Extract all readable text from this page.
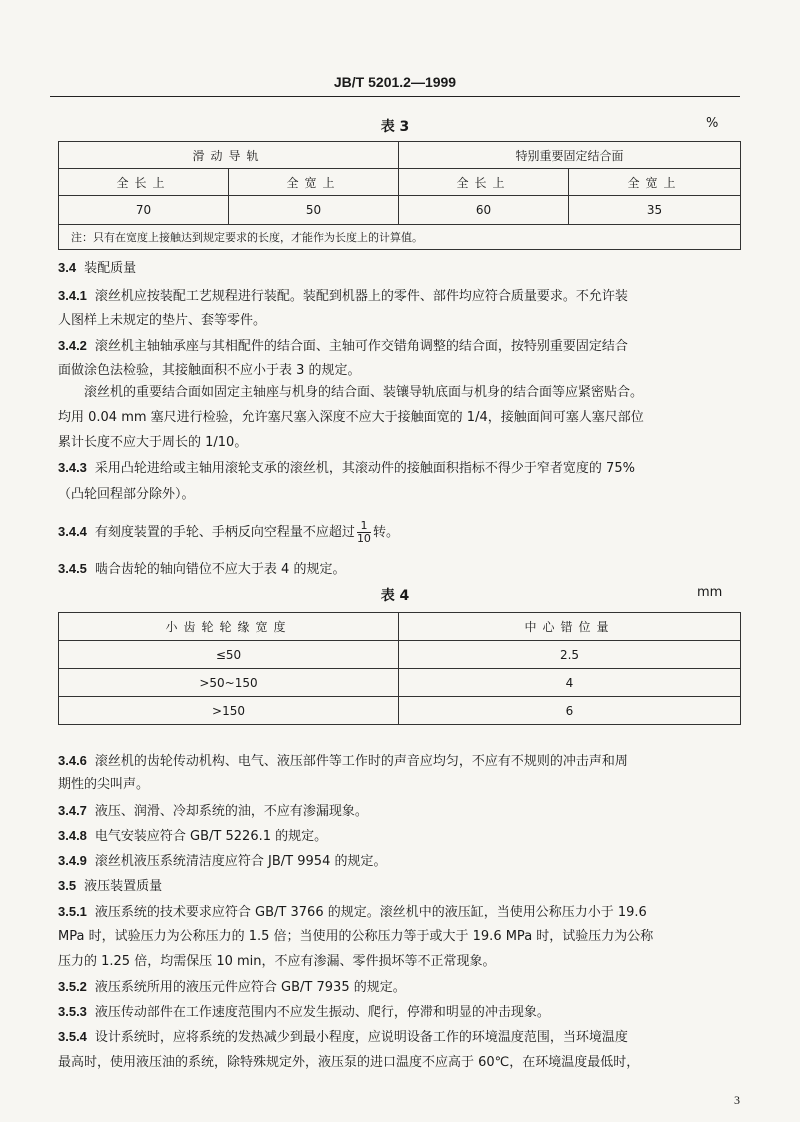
JB/T 5201.2—1999
表 3	%
滑动导轨		特别重要固定结合面	
全长上	全宽上	全长上	全宽上
70	50	60	35
注：只有在宽度上接触达到规定要求的长度，才能作为长度上的计算值。			
3.4 装配质量
3.4.1 滚丝机应按装配工艺规程进行装配。装配到机器上的零件、部件均应符合质量要求。不允许装
人图样上未规定的垫片、套等零件。
3.4.2 滚丝机主轴轴承座与其相配件的结合面、主轴可作交错角调整的结合面，按特别重要固定结合
面做涂色法检验，其接触面积不应小于表 3 的规定。
滚丝机的重要结合面如固定主轴座与机身的结合面、装镶导轨底面与机身的结合面等应紧密贴合。
均用 0.04 mm 塞尺进行检验，允许塞尺塞入深度不应大于接触面宽的 1/4，接触面间可塞人塞尺部位
累计长度不应大于周长的 1/10。
3.4.3 采用凸轮进给或主轴用滚轮支承的滚丝机，其滚动件的接触面积指标不得少于窄者宽度的 75%
（凸轮回程部分除外）。
3.4.4 有刻度装置的手轮、手柄反向空程量不应超过 $\frac{1}{10}$ 转。
3.4.5 啮合齿轮的轴向错位不应大于表 4 的规定。
表 4	mm
小齿轮轮缘宽度	中心错位量
≤50	2.5
>50~150	4
>150	6
3.4.6 滚丝机的齿轮传动机构、电气、液压部件等工作时的声音应均匀，不应有不规则的冲击声和周
期性的尖叫声。
3.4.7 液压、润滑、冷却系统的油，不应有渗漏现象。
3.4.8 电气安装应符合 GB/T 5226.1 的规定。
3.4.9 滚丝机液压系统清洁度应符合 JB/T 9954 的规定。
3.5 液压装置质量
3.5.1 液压系统的技术要求应符合 GB/T 3766 的规定。滚丝机中的液压缸，当使用公称压力小于 19.6
MPa 时，试验压力为公称压力的 1.5 倍；当使用的公称压力等于或大于 19.6 MPa 时，试验压力为公称
压力的 1.25 倍，均需保压 10 min，不应有渗漏、零件损坏等不正常现象。
3.5.2 液压系统所用的液压元件应符合 GB/T 7935 的规定。
3.5.3 液压传动部件在工作速度范围内不应发生振动、爬行，停滞和明显的冲击现象。
3.5.4 设计系统时，应将系统的发热减少到最小程度，应说明设备工作的环境温度范围，当环境温度
最高时，使用液压油的系统，除特殊规定外，液压泵的进口温度不应高于 60℃，在环境温度最低时，
3
